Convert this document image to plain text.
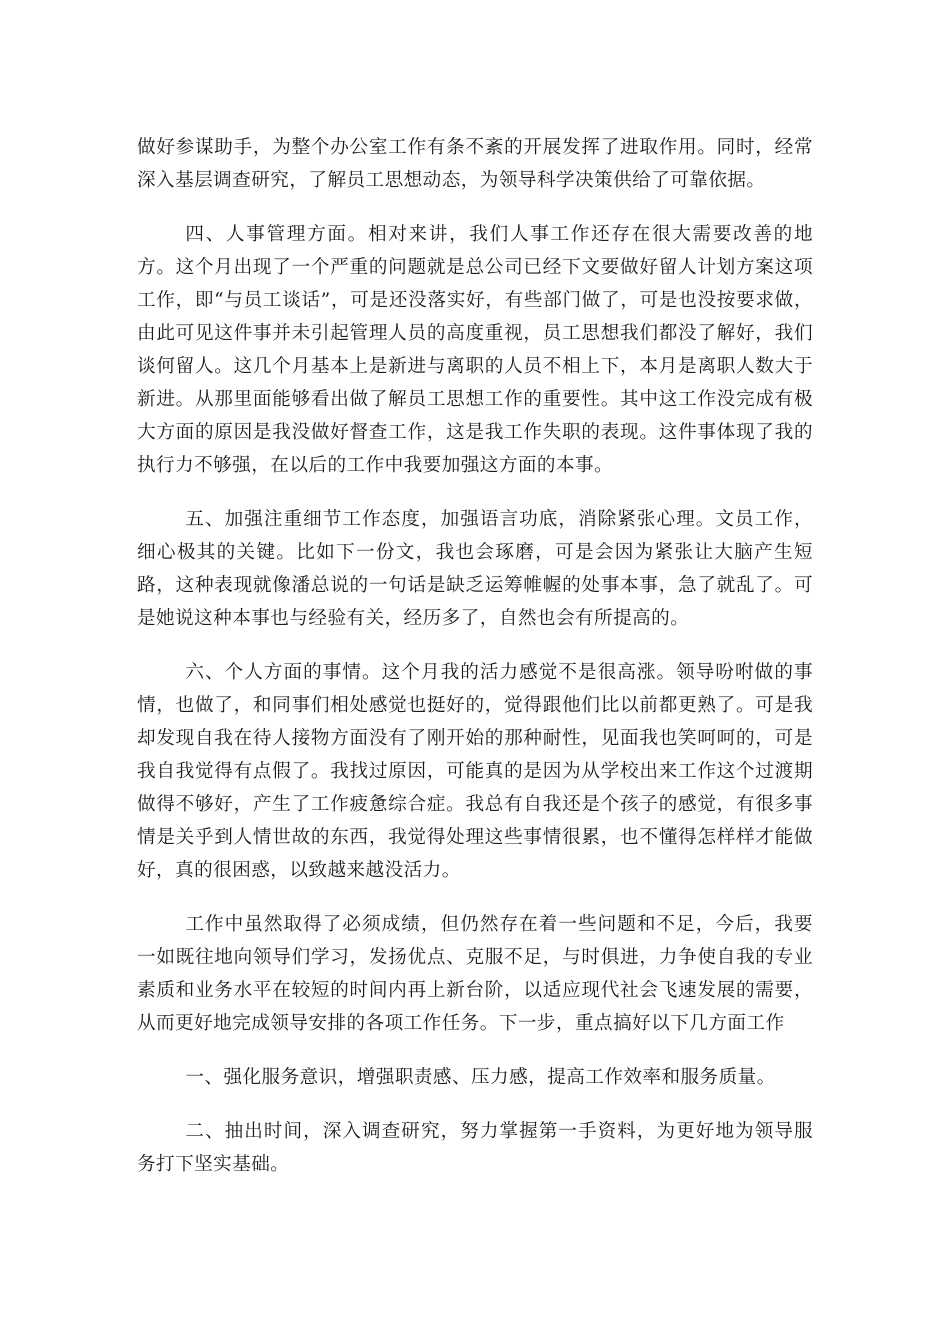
做好参谋助手，为整个办公室工作有条不紊的开展发挥了进取作用。同时，经常深入基层调查研究，了解员工思想动态，为领导科学决策供给了可靠依据。

四、人事管理方面。相对来讲，我们人事工作还存在很大需要改善的地方。这个月出现了一个严重的问题就是总公司已经下文要做好留人计划方案这项工作，即“与员工谈话”，可是还没落实好，有些部门做了，可是也没按要求做，由此可见这件事并未引起管理人员的高度重视，员工思想我们都没了解好，我们谈何留人。这几个月基本上是新进与离职的人员不相上下，本月是离职人数大于新进。从那里面能够看出做了解员工思想工作的重要性。其中这工作没完成有极大方面的原因是我没做好督查工作，这是我工作失职的表现。这件事体现了我的执行力不够强，在以后的工作中我要加强这方面的本事。

五、加强注重细节工作态度，加强语言功底，消除紧张心理。文员工作，细心极其的关键。比如下一份文，我也会琢磨，可是会因为紧张让大脑产生短路，这种表现就像潘总说的一句话是缺乏运筹帷幄的处事本事，急了就乱了。可是她说这种本事也与经验有关，经历多了，自然也会有所提高的。

六、个人方面的事情。这个月我的活力感觉不是很高涨。领导吩咐做的事情，也做了，和同事们相处感觉也挺好的，觉得跟他们比以前都更熟了。可是我却发现自我在待人接物方面没有了刚开始的那种耐性，见面我也笑呵呵的，可是我自我觉得有点假了。我找过原因，可能真的是因为从学校出来工作这个过渡期做得不够好，产生了工作疲惫综合症。我总有自我还是个孩子的感觉，有很多事情是关乎到人情世故的东西，我觉得处理这些事情很累，也不懂得怎样样才能做好，真的很困惑，以致越来越没活力。

工作中虽然取得了必须成绩，但仍然存在着一些问题和不足，今后，我要一如既往地向领导们学习，发扬优点、克服不足，与时俱进，力争使自我的专业素质和业务水平在较短的时间内再上新台阶，以适应现代社会飞速发展的需要，从而更好地完成领导安排的各项工作任务。下一步，重点搞好以下几方面工作

一、强化服务意识，增强职责感、压力感，提高工作效率和服务质量。

二、抽出时间，深入调查研究，努力掌握第一手资料，为更好地为领导服务打下坚实基础。
